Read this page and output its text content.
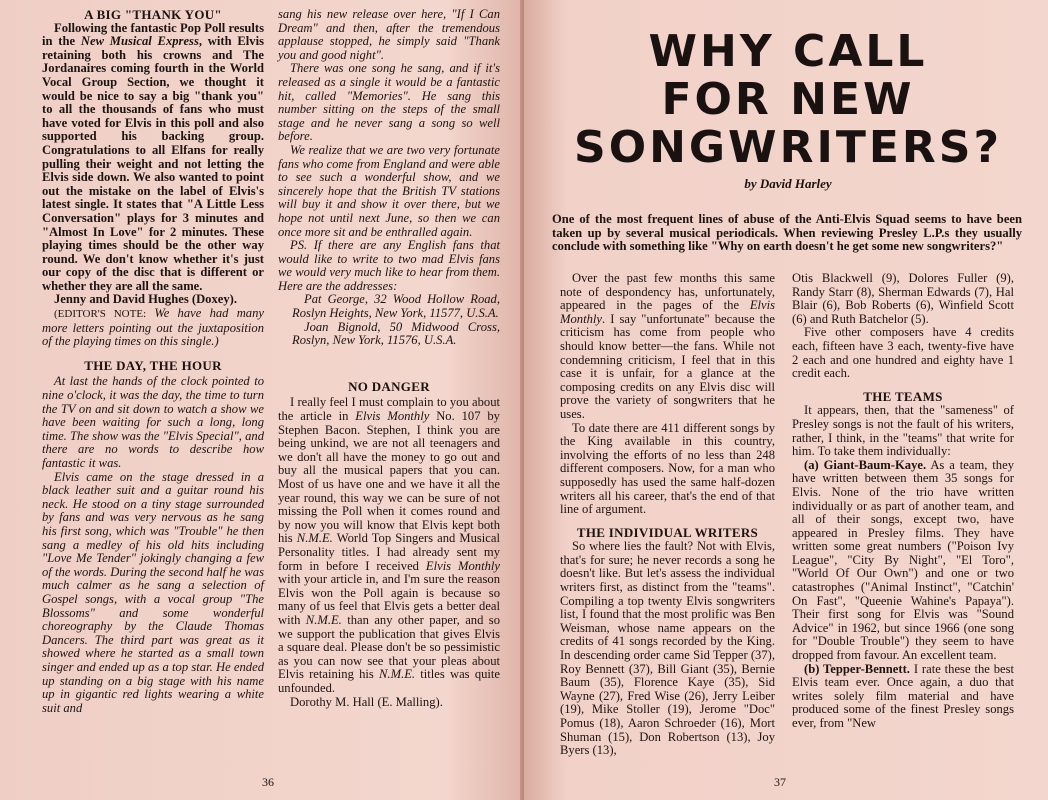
A BIG "THANK YOU"

Following the fantastic Pop Poll results in the New Musical Express, with Elvis retaining both his crowns and The Jordanaires coming fourth in the World Vocal Group Section, we thought it would be nice to say a big "thank you" to all the thousands of fans who must have voted for Elvis in this poll and also supported his backing group. Congratulations to all Elfans for really pulling their weight and not letting the Elvis side down. We also wanted to point out the mistake on the label of Elvis's latest single. It states that "A Little Less Conversation" plays for 3 minutes and "Almost In Love" for 2 minutes. These playing times should be the other way round. We don't know whether it's just our copy of the disc that is different or whether they are all the same.

Jenny and David Hughes (Doxey).

(EDITOR'S NOTE: We have had many more letters pointing out the juxtaposition of the playing times on this single.)

THE DAY, THE HOUR

At last the hands of the clock pointed to nine o'clock, it was the day, the time to turn the TV on and sit down to watch a show we have been waiting for such a long, long time. The show was the "Elvis Special", and there are no words to describe how fantastic it was.

Elvis came on the stage dressed in a black leather suit and a guitar round his neck. He stood on a tiny stage surrounded by fans and was very nervous as he sang his first song, which was "Trouble" he then sang a medley of his old hits including "Love Me Tender" jokingly changing a few of the words. During the second half he was much calmer as he sang a selection of Gospel songs, with a vocal group "The Blossoms" and some wonderful choreography by the Claude Thomas Dancers. The third part was great as it showed where he started as a small town singer and ended up as a top star. He ended up standing on a big stage with his name up in gigantic red lights wearing a white suit and

sang his new release over here, "If I Can Dream" and then, after the tremendous applause stopped, he simply said "Thank you and good night".

There was one song he sang, and if it's released as a single it would be a fantastic hit, called "Memories". He sang this number sitting on the steps of the small stage and he never sang a song so well before.

We realize that we are two very fortunate fans who come from England and were able to see such a wonderful show, and we sincerely hope that the British TV stations will buy it and show it over there, but we hope not until next June, so then we can once more sit and be enthralled again.

PS. If there are any English fans that would like to write to two mad Elvis fans we would very much like to hear from them. Here are the addresses:

Pat George, 32 Wood Hollow Road, Roslyn Heights, New York, 11577, U.S.A.

Joan Bignold, 50 Midwood Cross, Roslyn, New York, 11576, U.S.A.

NO DANGER

I really feel I must complain to you about the article in Elvis Monthly No. 107 by Stephen Bacon. Stephen, I think you are being unkind, we are not all teenagers and we don't all have the money to go out and buy all the musical papers that you can. Most of us have one and we have it all the year round, this way we can be sure of not missing the Poll when it comes round and by now you will know that Elvis kept both his N.M.E. World Top Singers and Musical Personality titles. I had already sent my form in before I received Elvis Monthly with your article in, and I'm sure the reason Elvis won the Poll again is because so many of us feel that Elvis gets a better deal with N.M.E. than any other paper, and so we support the publication that gives Elvis a square deal. Please don't be so pessimistic as you can now see that your pleas about Elvis retaining his N.M.E. titles was quite unfounded.

Dorothy M. Hall (E. Malling).

36	37
WHY CALL
FOR NEW
SONGWRITERS?
by David Harley
One of the most frequent lines of abuse of the Anti-Elvis Squad seems to have been taken up by several musical periodicals. When reviewing Presley L.P.s they usually conclude with something like "Why on earth doesn't he get some new songwriters?"

Over the past few months this same note of despondency has, unfortunately, appeared in the pages of the Elvis Monthly. I say "unfortunate" because the criticism has come from people who should know better—the fans. While not condemning criticism, I feel that in this case it is unfair, for a glance at the composing credits on any Elvis disc will prove the variety of songwriters that he uses.

To date there are 411 different songs by the King available in this country, involving the efforts of no less than 248 different composers. Now, for a man who supposedly has used the same half-dozen writers all his career, that's the end of that line of argument.

THE INDIVIDUAL WRITERS

So where lies the fault? Not with Elvis, that's for sure; he never records a song he doesn't like. But let's assess the individual writers first, as distinct from the "teams". Compiling a top twenty Elvis songwriters list, I found that the most prolific was Ben Weisman, whose name appears on the credits of 41 songs recorded by the King. In descending order came Sid Tepper (37), Roy Bennett (37), Bill Giant (35), Bernie Baum (35), Florence Kaye (35), Sid Wayne (27), Fred Wise (26), Jerry Leiber (19), Mike Stoller (19), Jerome "Doc" Pomus (18), Aaron Schroeder (16), Mort Shuman (15), Don Robertson (13), Joy Byers (13),

Otis Blackwell (9), Dolores Fuller (9), Randy Starr (8), Sherman Edwards (7), Hal Blair (6), Bob Roberts (6), Winfield Scott (6) and Ruth Batchelor (5).

Five other composers have 4 credits each, fifteen have 3 each, twenty-five have 2 each and one hundred and eighty have 1 credit each.

THE TEAMS

It appears, then, that the "sameness" of Presley songs is not the fault of his writers, rather, I think, in the "teams" that write for him. To take them individually:

(a) Giant-Baum-Kaye. As a team, they have written between them 35 songs for Elvis. None of the trio have written individually or as part of another team, and all of their songs, except two, have appeared in Presley films. They have written some great numbers ("Poison Ivy League", "City By Night", "El Toro", "World Of Our Own") and one or two catastrophes ("Animal Instinct", "Catchin' On Fast", "Queenie Wahine's Papaya"). Their first song for Elvis was "Sound Advice" in 1962, but since 1966 (one song for "Double Trouble") they seem to have dropped from favour. An excellent team.

(b) Tepper-Bennett. I rate these the best Elvis team ever. Once again, a duo that writes solely film material and have produced some of the finest Presley songs ever, from "New
